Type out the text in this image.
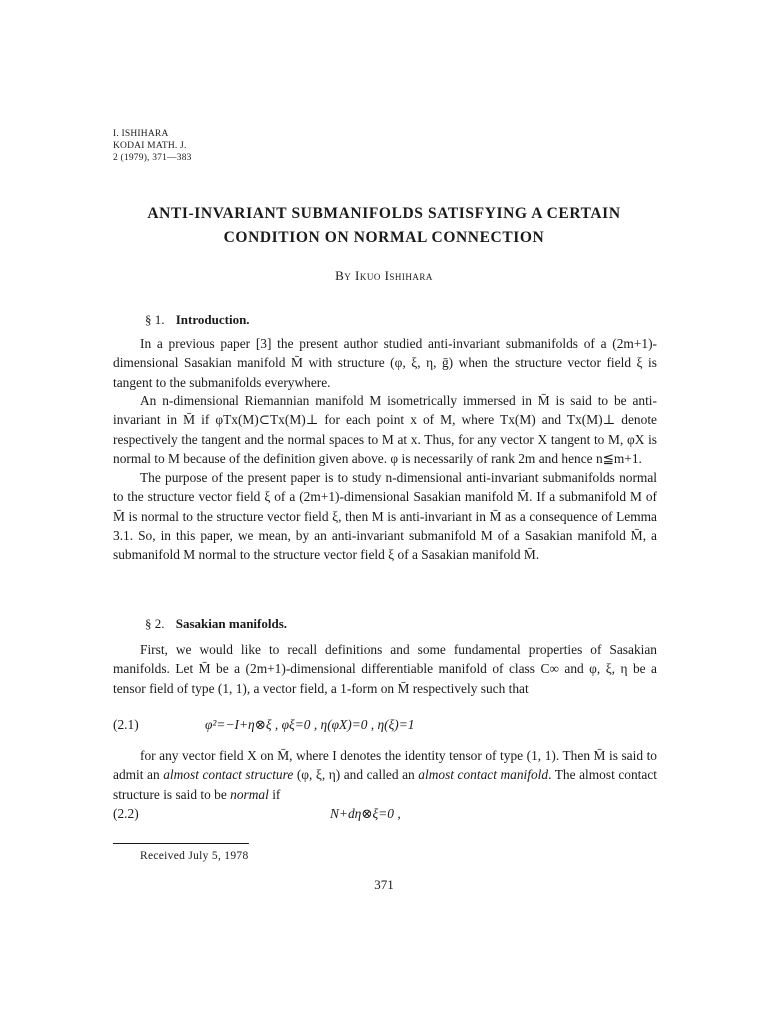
I. ISHIHARA
KODAI MATH. J.
2 (1979), 371—383
ANTI-INVARIANT SUBMANIFOLDS SATISFYING A CERTAIN
CONDITION ON NORMAL CONNECTION
By Ikuo Ishihara
§ 1. Introduction.
In a previous paper [3] the present author studied anti-invariant submanifolds of a (2m+1)-dimensional Sasakian manifold M̄ with structure (φ, ξ, η, ḡ) when the structure vector field ξ is tangent to the submanifolds everywhere.
An n-dimensional Riemannian manifold M isometrically immersed in M̄ is said to be anti-invariant in M̄ if φTx(M)⊂Tx(M)⊥ for each point x of M, where Tx(M) and Tx(M)⊥ denote respectively the tangent and the normal spaces to M at x. Thus, for any vector X tangent to M, φX is normal to M because of the definition given above. φ is necessarily of rank 2m and hence n≦m+1.
The purpose of the present paper is to study n-dimensional anti-invariant submanifolds normal to the structure vector field ξ of a (2m+1)-dimensional Sasakian manifold M̄. If a submanifold M of M̄ is normal to the structure vector field ξ, then M is anti-invariant in M̄ as a consequence of Lemma 3.1. So, in this paper, we mean, by an anti-invariant submanifold M of a Sasakian manifold M̄, a submanifold M normal to the structure vector field ξ of a Sasakian manifold M̄.
§ 2. Sasakian manifolds.
First, we would like to recall definitions and some fundamental properties of Sasakian manifolds. Let M̄ be a (2m+1)-dimensional differentiable manifold of class C∞ and φ, ξ, η be a tensor field of type (1, 1), a vector field, a 1-form on M̄ respectively such that
(2.1)	φ²=−I+η⊗ξ , φξ=0 , η(φX)=0 , η(ξ)=1
for any vector field X on M̄, where I denotes the identity tensor of type (1, 1). Then M̄ is said to admit an almost contact structure (φ, ξ, η) and called an almost contact manifold. The almost contact structure is said to be normal if
(2.2)	N+dη⊗ξ=0 ,
Received July 5, 1978
371
